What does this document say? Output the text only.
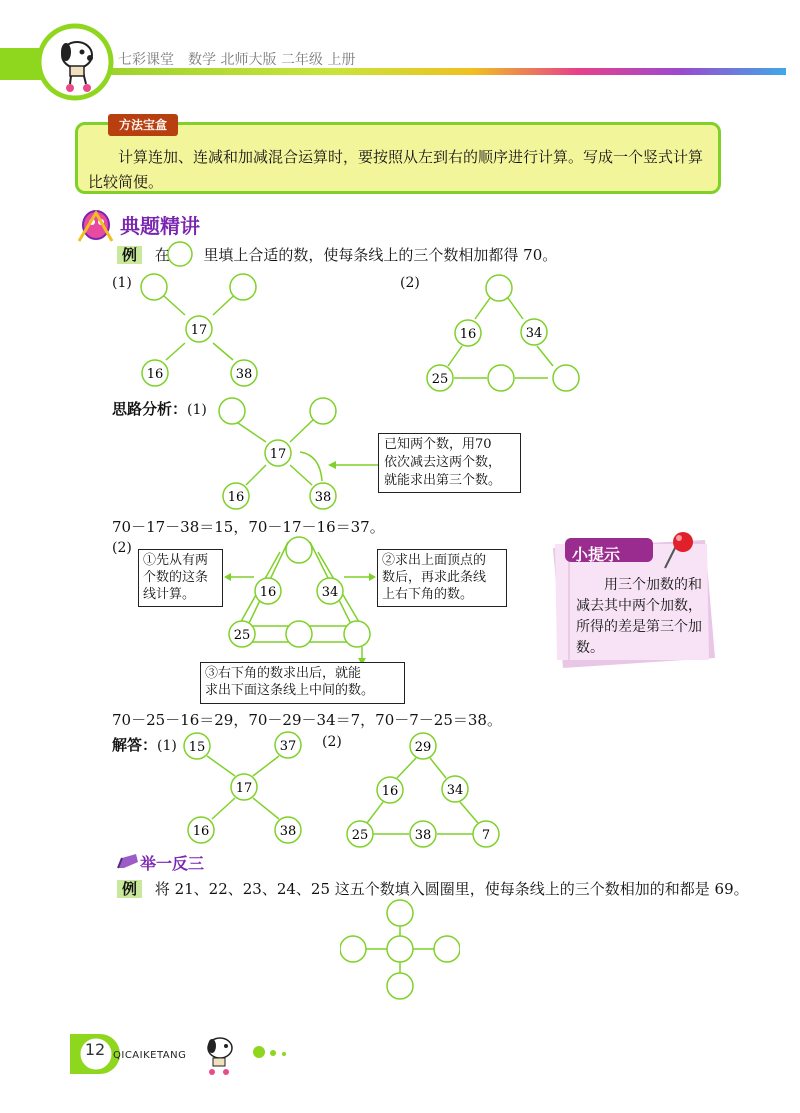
七彩课堂　数学 北师大版 二年级 上册
方法宝盒
计算连加、连减和加减混合运算时，要按照从左到右的顺序进行计算。写成一个竖式计算比较简便。
典题精讲
例 在 里填上合适的数，使每条线上的三个数相加都得 70。
(1)	(2)
17
16	38
16	34
25
思路分析：(1)
17
16	38
已知两个数，用70
依次减去这两个数，
就能求出第三个数。
70－17－38＝15，70－17－16＝37。
(2)
16	34
25
①先从有两
个数的这条
线计算。
②求出上面顶点的
数后，再求此条线
上右下角的数。
③右下角的数求出后，就能
求出下面这条线上中间的数。
70－25－16＝29，70－29－34＝7，70－7－25＝38。
小提示
用三个加数的和减去其中两个加数，所得的差是第三个加数。
解答：(1)	(2)
15	37
17
16	38
29
16	34
25	38	7
举一反三
例 将 21、22、23、24、25 这五个数填入圆圈里，使每条线上的三个数相加的和都是 69。
12 QICAIKETANG
